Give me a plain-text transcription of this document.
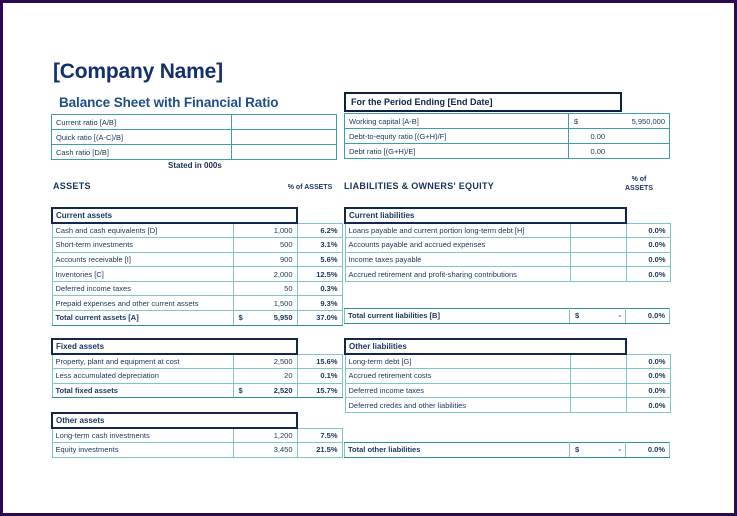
[Company Name]
Balance Sheet with Financial Ratio
Stated in 000s
Current ratio [A/B]	
Quick ratio [(A-C)/B]	
Cash ratio [D/B]	
For the Period Ending [End Date]
Working capital [A-B]	$	5,950,000
Debt-to-equity ratio [(G+H)/F]		0.00
Debt ratio [(G+H)/E]		0.00
ASSETS	% of ASSETS	LIABILITIES & OWNERS' EQUITY
% of
ASSETS
Current assets			
Cash and cash equivalents [D]		1,000	6.2%
Short-term investments		500	3.1%
Accounts receivable [I]		900	5.6%
Inventories [C]		2,000	12.5%
Deferred income taxes		50	0.3%
Prepaid expenses and other current assets		1,500	9.3%
Total current assets [A]	$	5,950	37.0%
Fixed assets			
Property, plant and equipment at cost		2,500	15.6%
Less accumulated depreciation		20	0.1%
Total fixed assets	$	2,520	15.7%
Other assets			
Long-term cash investments		1,200	7.5%
Equity investments		3,450	21.5%
Current liabilities			
Loans payable and current portion long-term debt [H]			0.0%
Accounts payable and accrued expenses			0.0%
Income taxes payable			0.0%
Accrued retirement and profit-sharing contributions			0.0%
Total current liabilities [B]	$	-	0.0%
Other liabilities			
Long-term debt [G]			0.0%
Accrued retirement costs			0.0%
Deferred income taxes			0.0%
Deferred credits and other liabilities			0.0%
Total other liabilities	$	-	0.0%
